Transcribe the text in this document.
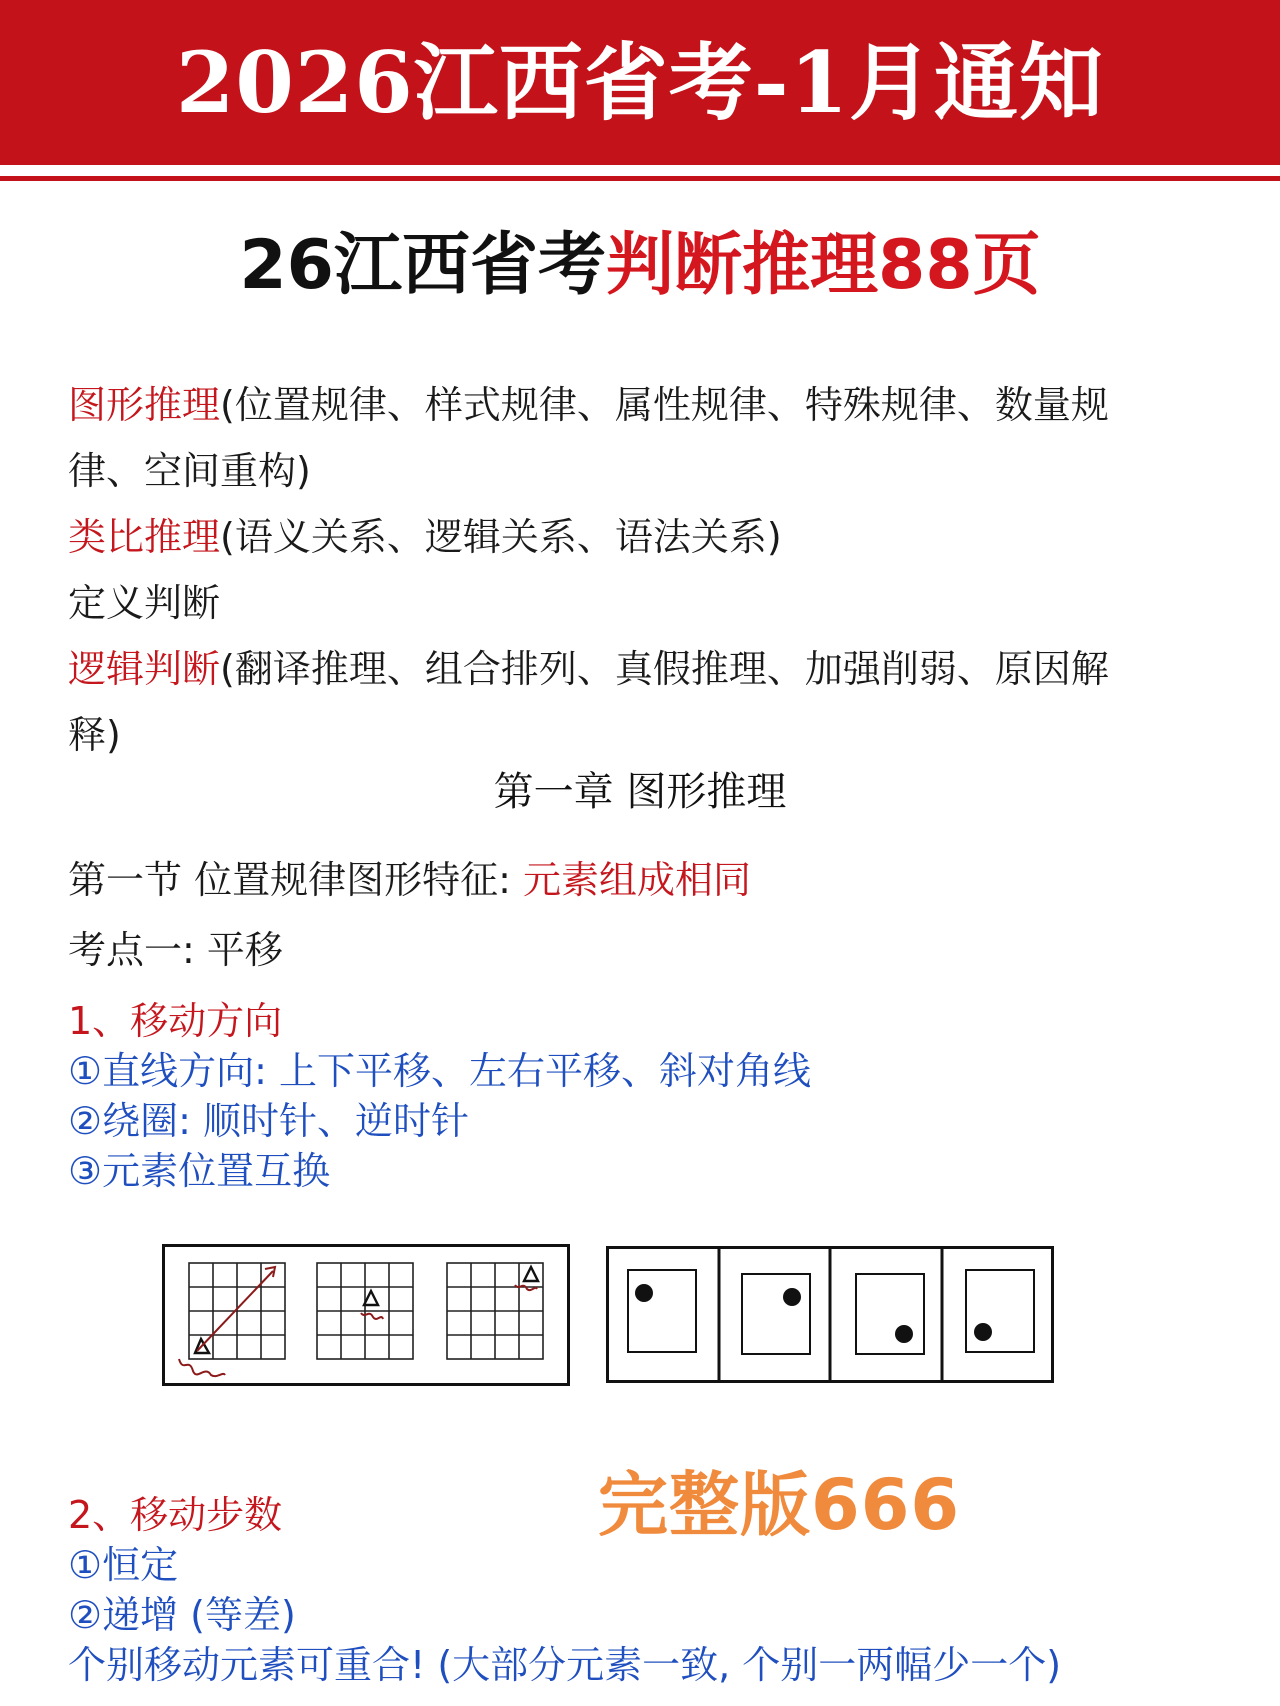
2026江西省考-1月通知
26江西省考判断推理88页
图形推理(位置规律、样式规律、属性规律、特殊规律、数量规
律、空间重构)
类比推理(语义关系、逻辑关系、语法关系)
定义判断
逻辑判断(翻译推理、组合排列、真假推理、加强削弱、原因解
释)
第一章 图形推理
第一节 位置规律图形特征: 元素组成相同
考点一: 平移
1、移动方向
①直线方向: 上下平移、左右平移、斜对角线
②绕圈: 顺时针、逆时针
③元素位置互换
2、移动步数	完整版666
①恒定
②递增 (等差)
个别移动元素可重合! (大部分元素一致, 个别一两幅少一个)
